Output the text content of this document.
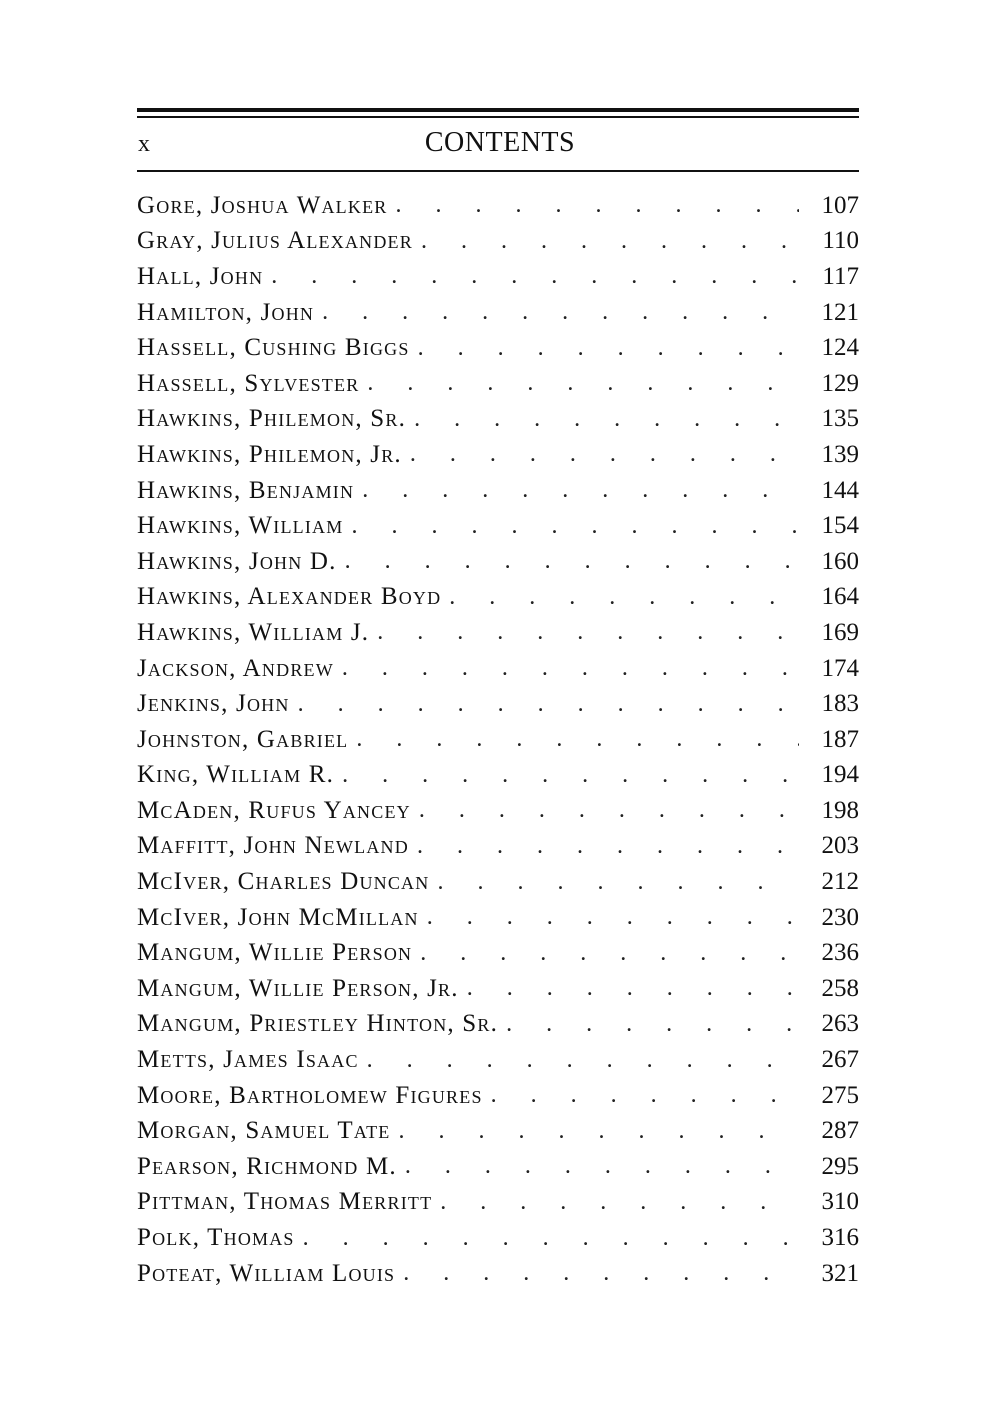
x	CONTENTS
Gore, Joshua Walker . . .	107
Gray, Julius Alexander . . .	110
Hall, John . . .	117
Hamilton, John . . .	121
Hassell, Cushing Biggs . . .	124
Hassell, Sylvester . . .	129
Hawkins, Philemon, Sr. . . .	135
Hawkins, Philemon, Jr. . . .	139
Hawkins, Benjamin . . .	144
Hawkins, William . . .	154
Hawkins, John D. . . .	160
Hawkins, Alexander Boyd . . .	164
Hawkins, William J. . . .	169
Jackson, Andrew . . .	174
Jenkins, John . . .	183
Johnston, Gabriel . . .	187
King, William R. . . .	194
McAden, Rufus Yancey . . .	198
Maffitt, John Newland . . .	203
McIver, Charles Duncan . . .	212
McIver, John McMillan . . .	230
Mangum, Willie Person . . .	236
Mangum, Willie Person, Jr. . . .	258
Mangum, Priestley Hinton, Sr. . . .	263
Metts, James Isaac . . .	267
Moore, Bartholomew Figures . . .	275
Morgan, Samuel Tate . . .	287
Pearson, Richmond M. . . .	295
Pittman, Thomas Merritt . . .	310
Polk, Thomas . . .	316
Poteat, William Louis . . .	321
